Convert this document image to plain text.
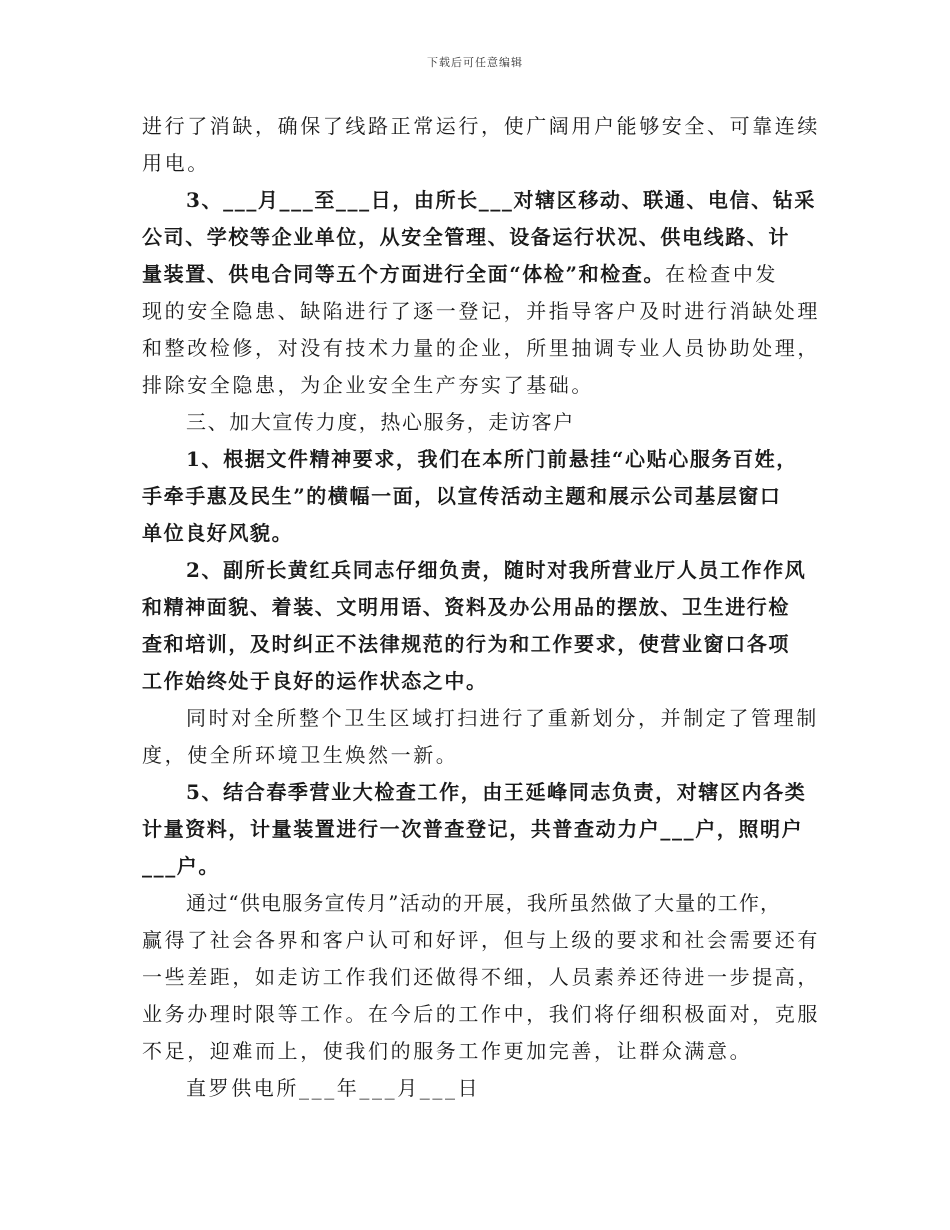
下载后可任意编辑
进行了消缺，确保了线路正常运行，使广阔用户能够安全、可靠连续
用电。
3、___月___至___日，由所长___对辖区移动、联通、电信、钻采
公司、学校等企业单位，从安全管理、设备运行状况、供电线路、计
量装置、供电合同等五个方面进行全面“体检”和检查。在检查中发
现的安全隐患、缺陷进行了逐一登记，并指导客户及时进行消缺处理
和整改检修，对没有技术力量的企业，所里抽调专业人员协助处理，
排除安全隐患，为企业安全生产夯实了基础。
三、加大宣传力度，热心服务，走访客户
1、根据文件精神要求，我们在本所门前悬挂“心贴心服务百姓，
手牵手惠及民生”的横幅一面，以宣传活动主题和展示公司基层窗口
单位良好风貌。
2、副所长黄红兵同志仔细负责，随时对我所营业厅人员工作作风
和精神面貌、着装、文明用语、资料及办公用品的摆放、卫生进行检
查和培训，及时纠正不法律规范的行为和工作要求，使营业窗口各项
工作始终处于良好的运作状态之中。
同时对全所整个卫生区域打扫进行了重新划分，并制定了管理制
度，使全所环境卫生焕然一新。
5、结合春季营业大检查工作，由王延峰同志负责，对辖区内各类
计量资料，计量装置进行一次普查登记，共普查动力户___户，照明户
___户。
通过“供电服务宣传月”活动的开展，我所虽然做了大量的工作，
赢得了社会各界和客户认可和好评，但与上级的要求和社会需要还有
一些差距，如走访工作我们还做得不细，人员素养还待进一步提高，
业务办理时限等工作。在今后的工作中，我们将仔细积极面对，克服
不足，迎难而上，使我们的服务工作更加完善，让群众满意。
直罗供电所___年___月___日
